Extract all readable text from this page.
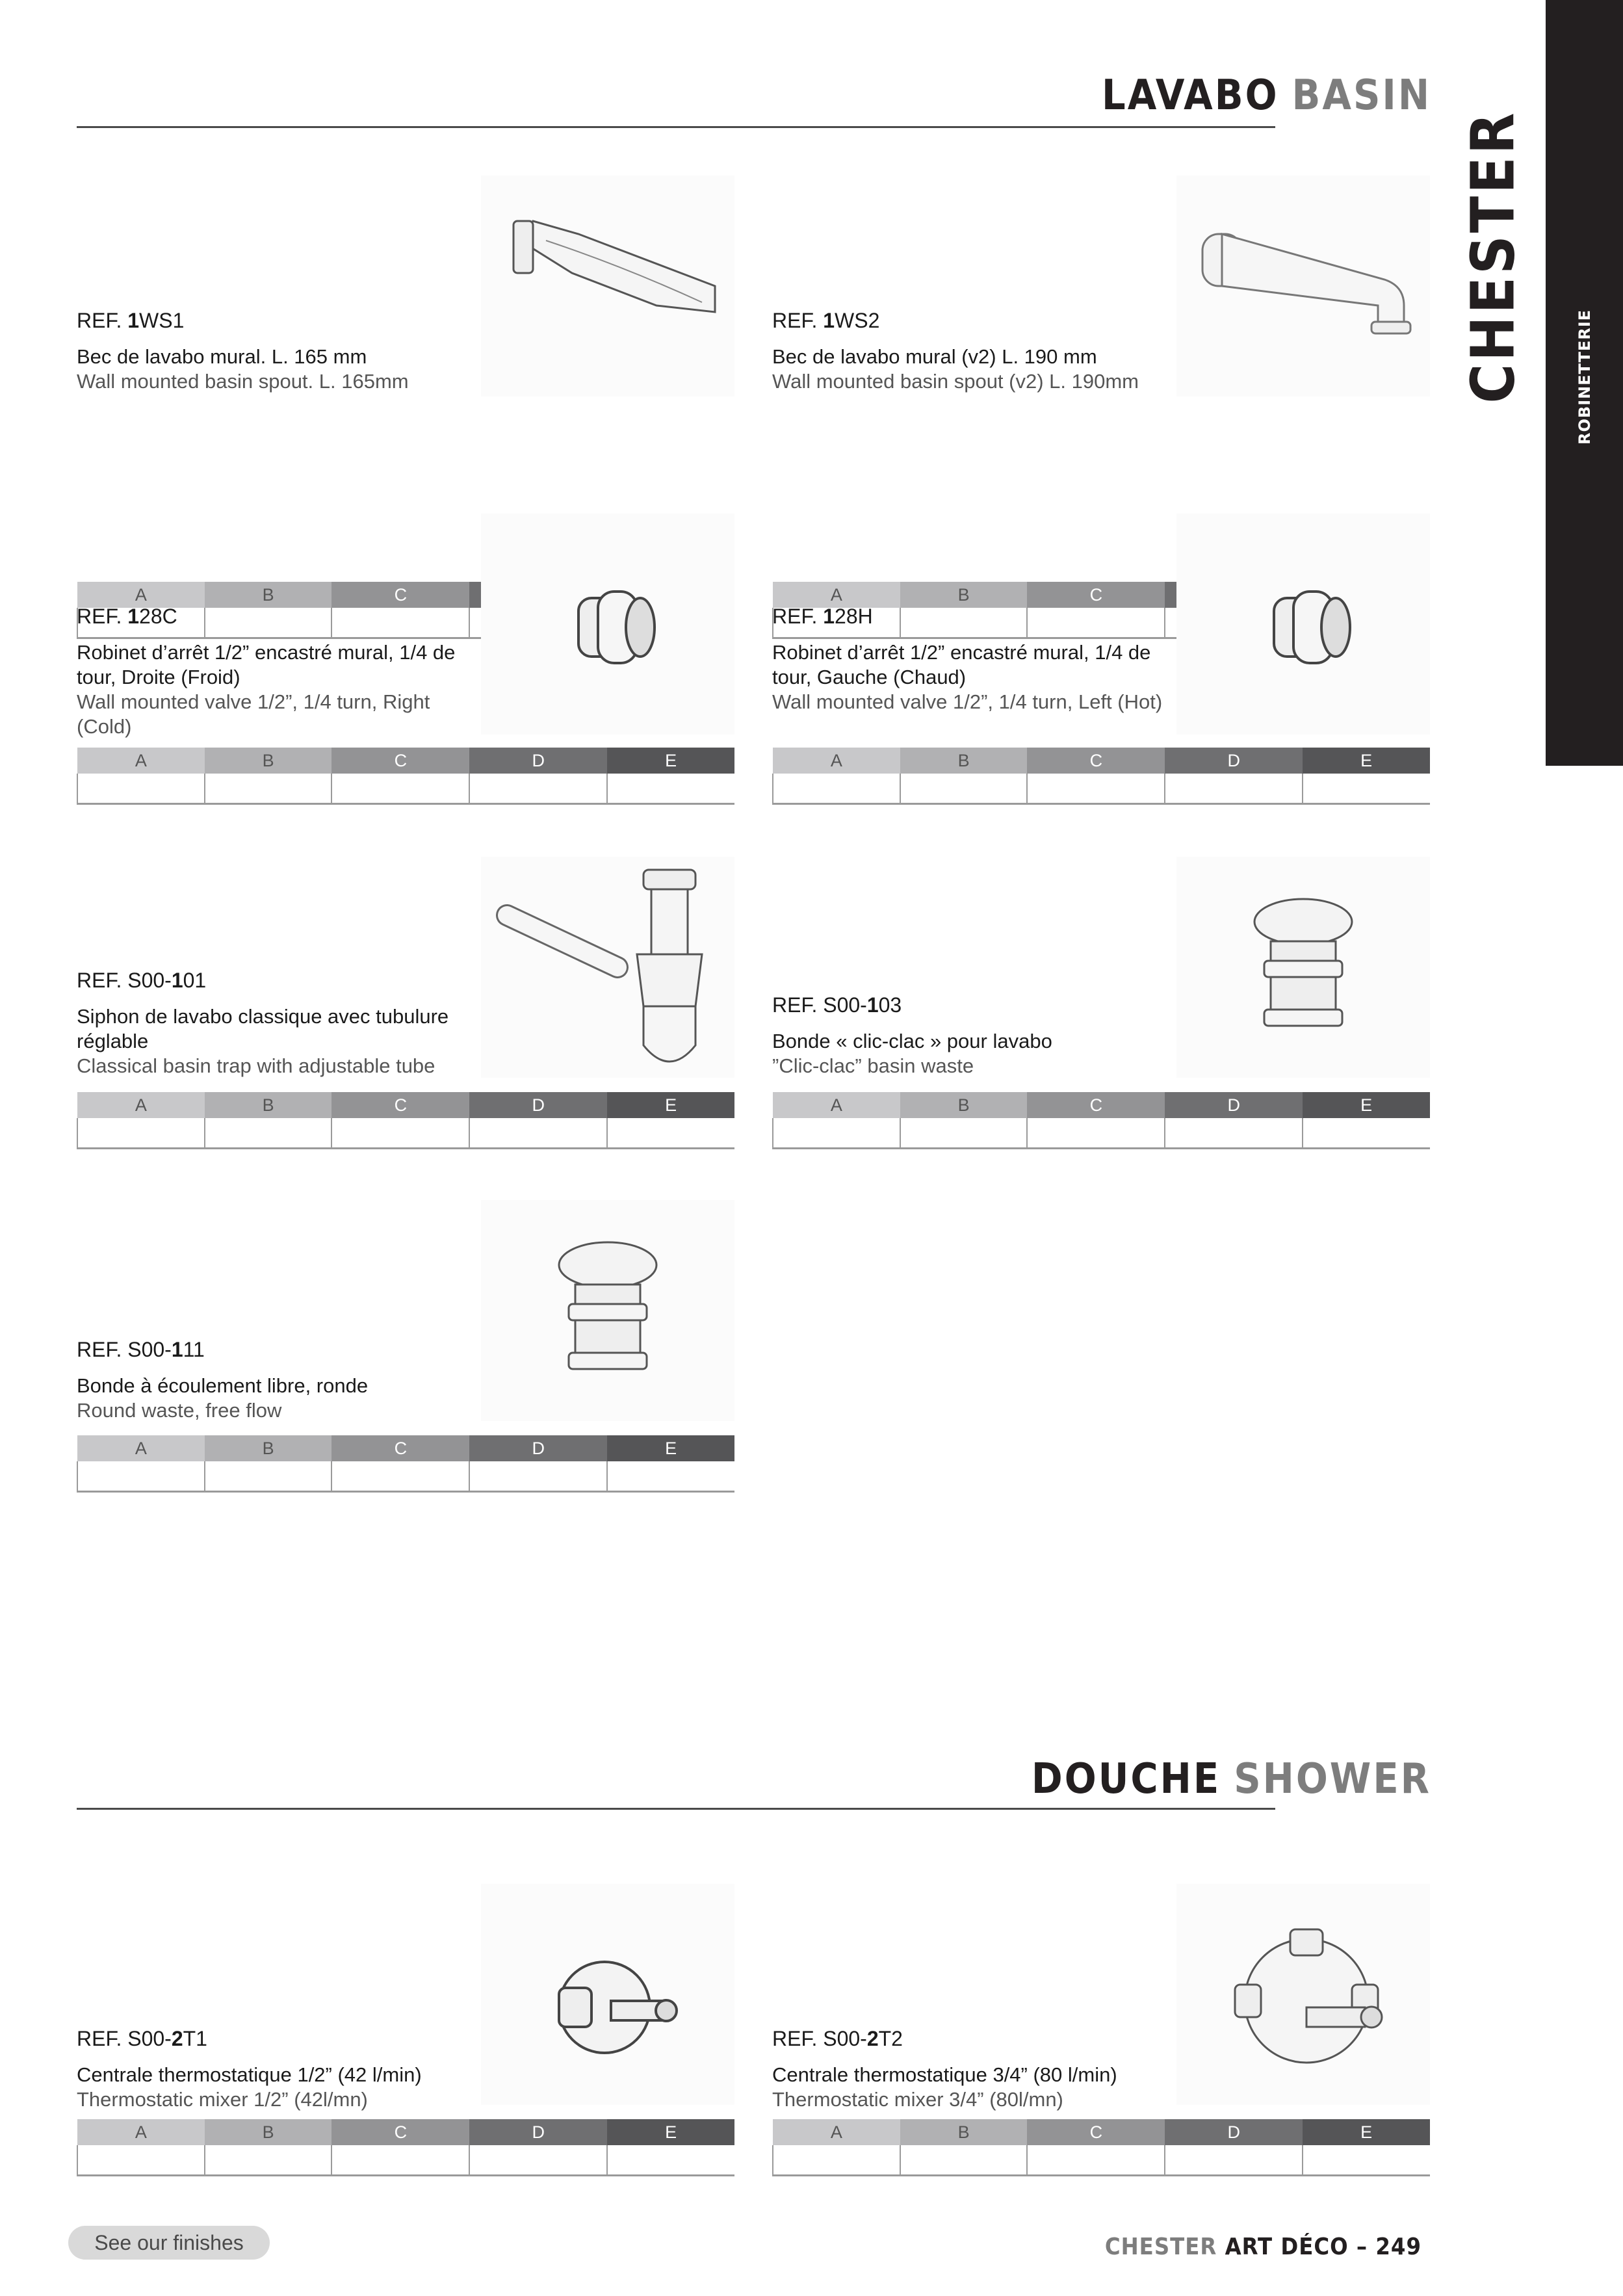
CHESTER	ROBINETTERIE
LAVABO BASIN
DOUCHE SHOWER
REF. 1WS1
Bec de lavabo mural. L. 165 mm
Wall mounted basin spout. L. 165mm
A	B	C		

REF. 1WS2
Bec de lavabo mural (v2) L. 190 mm
Wall mounted basin spout (v2) L. 190mm
A	B	C		

REF. 128C
Robinet d’arrêt 1/2” encastré mural, 1/4 de tour, Droite (Froid)
Wall mounted valve 1/2”, 1/4 turn, Right (Cold)
A	B	C	D	E

REF. 128H
Robinet d’arrêt 1/2” encastré mural, 1/4 de tour, Gauche (Chaud)
Wall mounted valve 1/2”, 1/4 turn, Left (Hot)
A	B	C	D	E

REF. S00-101
Siphon de lavabo classique avec tubulure réglable
Classical basin trap with adjustable tube
A	B	C	D	E

REF. S00-103
Bonde « clic-clac » pour lavabo
”Clic-clac” basin waste
A	B	C	D	E

REF. S00-111
Bonde à écoulement libre, ronde
Round waste, free flow
A	B	C	D	E

REF. S00-2T1
Centrale thermostatique 1/2” (42 l/min)
Thermostatic mixer 1/2” (42l/mn)
A	B	C	D	E

REF. S00-2T2
Centrale thermostatique 3/4” (80 l/min)
Thermostatic mixer 3/4” (80l/mn)
A	B	C	D	E

See our finishes	CHESTER ART DÉCO – 249
